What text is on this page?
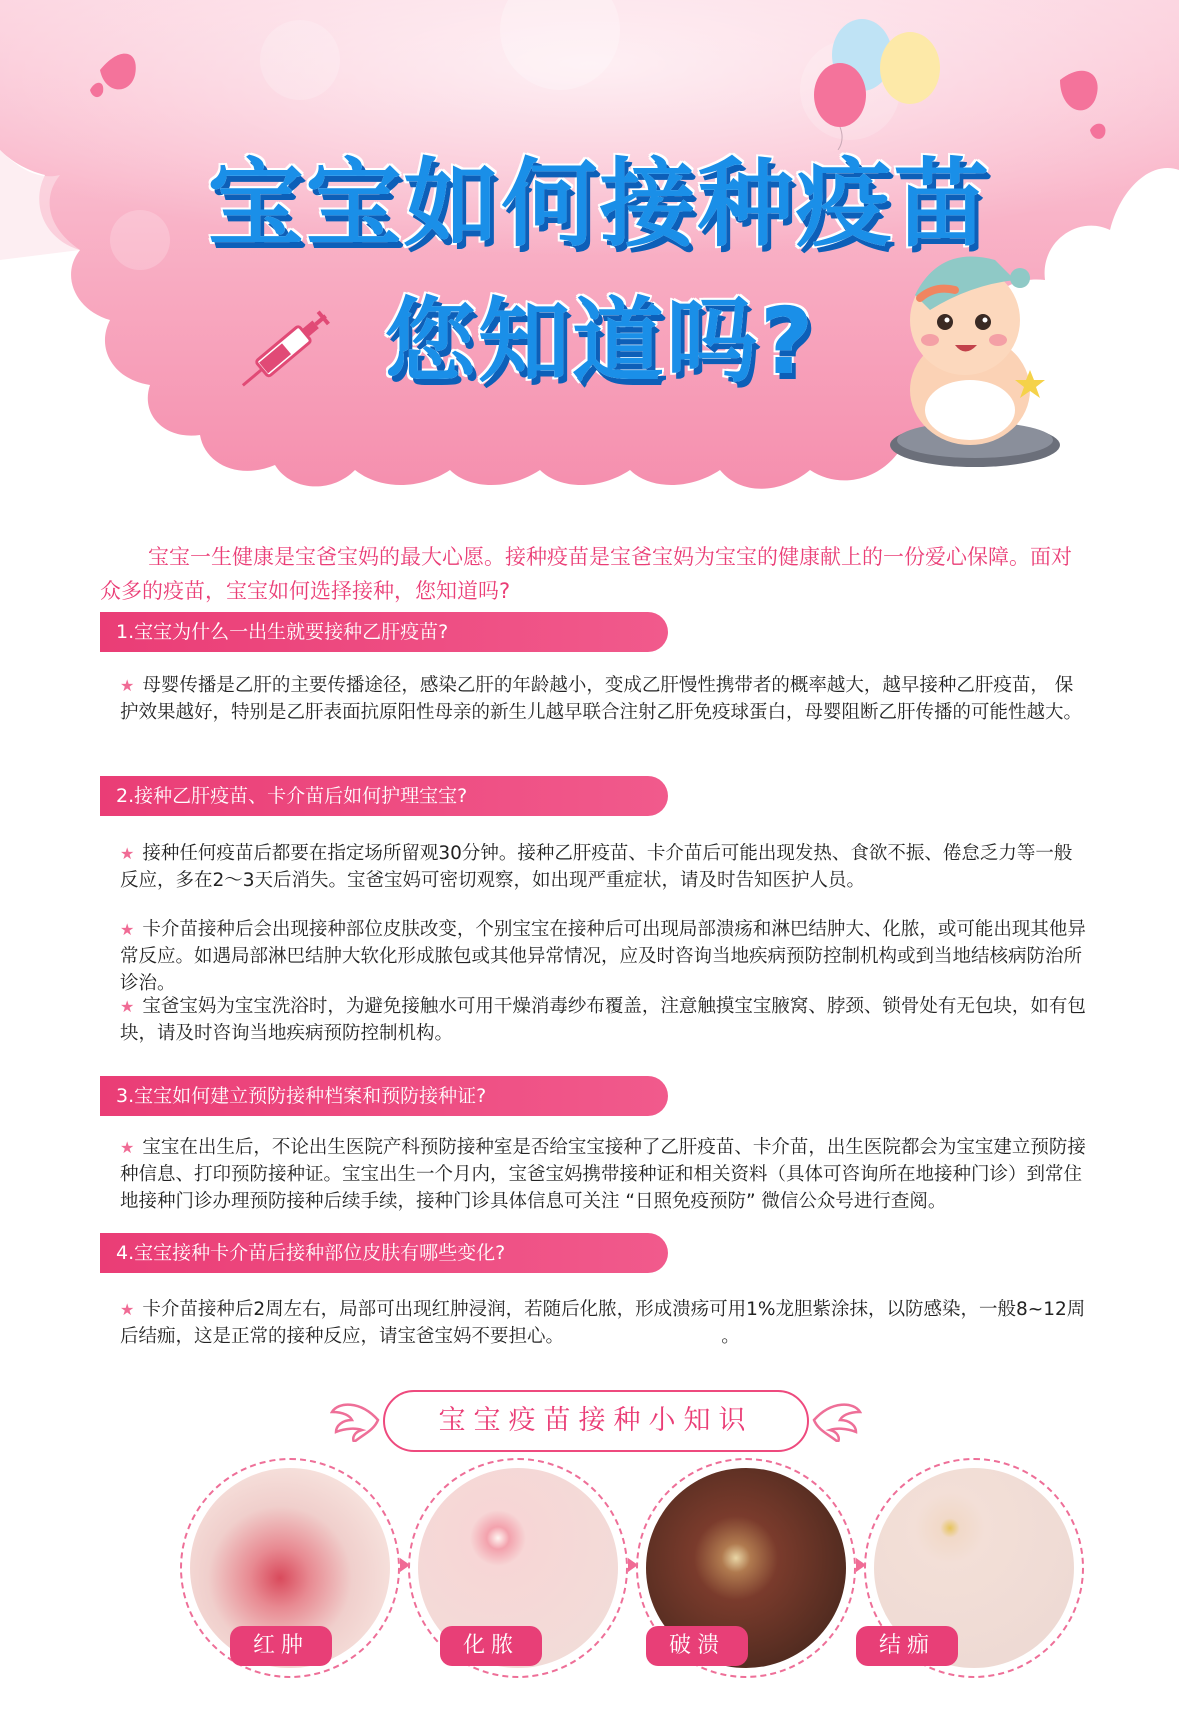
宝宝如何接种疫苗
您知道吗?

宝宝一生健康是宝爸宝妈的最大心愿。接种疫苗是宝爸宝妈为宝宝的健康献上的一份爱心保障。面对众多的疫苗，宝宝如何选择接种，您知道吗?

1.宝宝为什么一出生就要接种乙肝疫苗?
★ 母婴传播是乙肝的主要传播途径，感染乙肝的年龄越小，变成乙肝慢性携带者的概率越大，越早接种乙肝疫苗， 保护效果越好，特别是乙肝表面抗原阳性母亲的新生儿越早联合注射乙肝免疫球蛋白，母婴阻断乙肝传播的可能性越大。
2.接种乙肝疫苗、卡介苗后如何护理宝宝?
★ 接种任何疫苗后都要在指定场所留观30分钟。接种乙肝疫苗、卡介苗后可能出现发热、食欲不振、倦怠乏力等一般反应，多在2～3天后消失。宝爸宝妈可密切观察，如出现严重症状，请及时告知医护人员。
★ 卡介苗接种后会出现接种部位皮肤改变，个别宝宝在接种后可出现局部溃疡和淋巴结肿大、化脓，或可能出现其他异常反应。如遇局部淋巴结肿大软化形成脓包或其他异常情况，应及时咨询当地疾病预防控制机构或到当地结核病防治所诊治。
★ 宝爸宝妈为宝宝洗浴时，为避免接触水可用干燥消毒纱布覆盖，注意触摸宝宝腋窝、脖颈、锁骨处有无包块，如有包块，请及时咨询当地疾病预防控制机构。
3.宝宝如何建立预防接种档案和预防接种证?
★ 宝宝在出生后，不论出生医院产科预防接种室是否给宝宝接种了乙肝疫苗、卡介苗，出生医院都会为宝宝建立预防接种信息、打印预防接种证。宝宝出生一个月内，宝爸宝妈携带接种证和相关资料（具体可咨询所在地接种门诊）到常住地接种门诊办理预防接种后续手续，接种门诊具体信息可关注 “日照免疫预防” 微信公众号进行查阅。
4.宝宝接种卡介苗后接种部位皮肤有哪些变化?
★ 卡介苗接种后2周左右，局部可出现红肿浸润，若随后化脓，形成溃疡可用1%龙胆紫涂抹，以防感染，一般8~12周后结痂，这是正常的接种反应，请宝爸宝妈不要担心。　　　　　　　　　。
宝宝疫苗接种小知识
红肿	化脓	破溃	结痂
